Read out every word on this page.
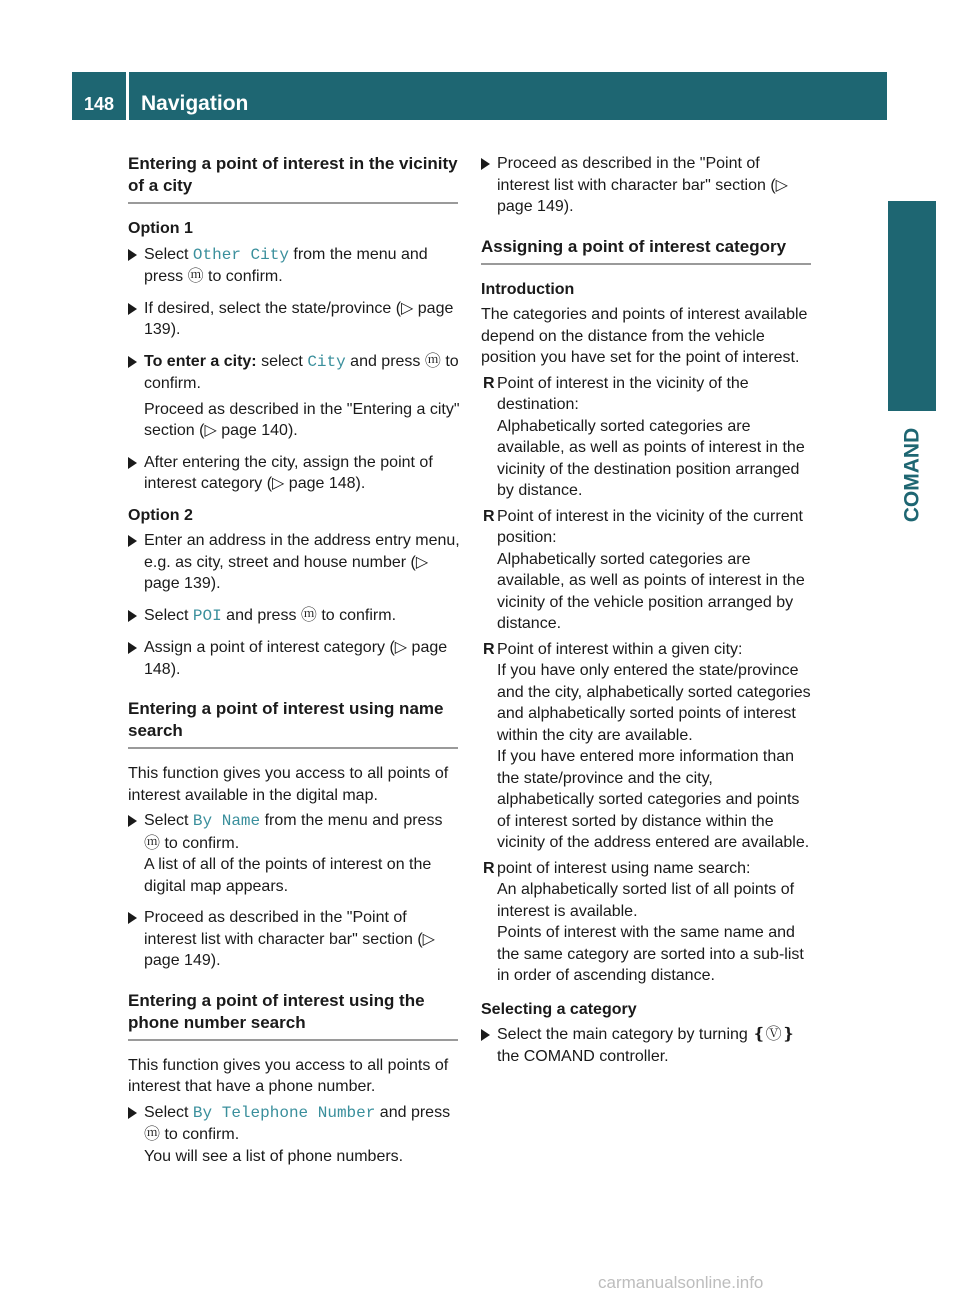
148	Navigation
COMAND
Entering a point of interest in the vicinity of a city
Option 1
Select Other City from the menu and press ⓜ to confirm.
If desired, select the state/province (▷ page 139).
To enter a city: select City and press ⓜ to confirm.
Proceed as described in the "Entering a city" section (▷ page 140).
After entering the city, assign the point of interest category (▷ page 148).
Option 2
Enter an address in the address entry menu, e.g. as city, street and house number (▷ page 139).
Select POI and press ⓜ to confirm.
Assign a point of interest category (▷ page 148).
Entering a point of interest using name search

This function gives you access to all points of interest available in the digital map.

Select By Name from the menu and press ⓜ to confirm.
A list of all of the points of interest on the digital map appears.
Proceed as described in the "Point of interest list with character bar" section (▷ page 149).
Entering a point of interest using the phone number search

This function gives you access to all points of interest that have a phone number.

Select By Telephone Number and press ⓜ to confirm.
You will see a list of phone numbers.
Proceed as described in the "Point of interest list with character bar" section (▷ page 149).
Assigning a point of interest category
Introduction

The categories and points of interest available depend on the distance from the vehicle position you have set for the point of interest.

R Point of interest in the vicinity of the destination:
Alphabetically sorted categories are available, as well as points of interest in the vicinity of the destination position arranged by distance.
R Point of interest in the vicinity of the current position:
Alphabetically sorted categories are available, as well as points of interest in the vicinity of the vehicle position arranged by distance.
R Point of interest within a given city:
If you have only entered the state/province and the city, alphabetically sorted categories and alphabetically sorted points of interest within the city are available.
If you have entered more information than the state/province and the city, alphabetically sorted categories and points of interest sorted by distance within the vicinity of the address entered are available.
R point of interest using name search:
An alphabetically sorted list of all points of interest is available.
Points of interest with the same name and the same category are sorted into a sub-list in order of ascending distance.
Selecting a category
Select the main category by turning ❴Ⓥ❵ the COMAND controller.
carmanualsonline.info
